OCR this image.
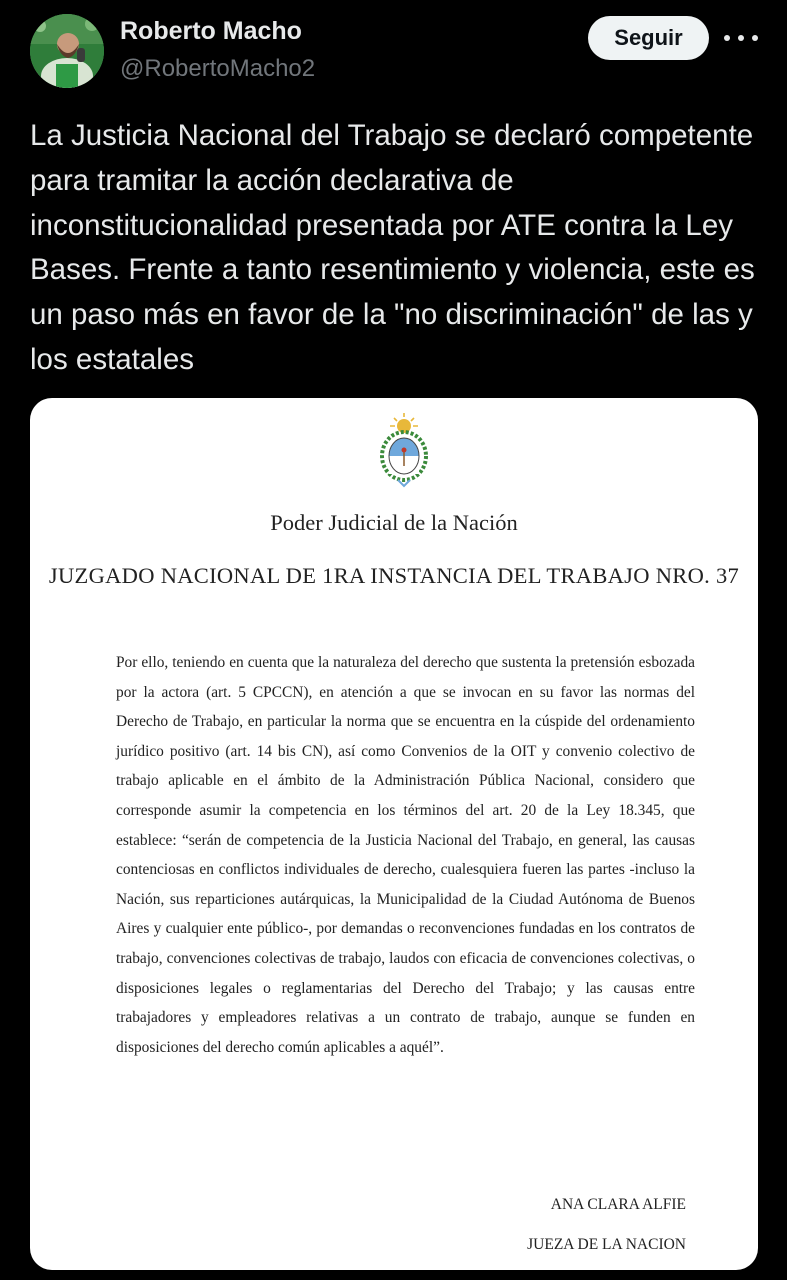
Roberto Macho
@RobertoMacho2
Seguir
La Justicia Nacional del Trabajo se declaró competente para tramitar la acción declarativa de inconstitucionalidad presentada por ATE contra la Ley Bases. Frente a tanto resentimiento y violencia, este es un paso más en favor de la "no discriminación" de las y los estatales
Poder Judicial de la Nación
JUZGADO NACIONAL DE 1RA INSTANCIA DEL TRABAJO NRO. 37
Por ello, teniendo en cuenta que la naturaleza del derecho que sustenta la pretensión esbozada por la actora (art. 5 CPCCN), en atención a que se invocan en su favor las normas del Derecho de Trabajo, en particular la norma que se encuentra en la cúspide del ordenamiento jurídico positivo (art. 14 bis CN), así como Convenios de la OIT y convenio colectivo de trabajo aplicable en el ámbito de la Administración Pública Nacional, considero que corresponde asumir la competencia en los términos del art. 20 de la Ley 18.345, que establece: “serán de competencia de la Justicia Nacional del Trabajo, en general, las causas contenciosas en conflictos individuales de derecho, cualesquiera fueren las partes -incluso la Nación, sus reparticiones autárquicas, la Municipalidad de la Ciudad Autónoma de Buenos Aires y cualquier ente público-, por demandas o reconvenciones fundadas en los contratos de trabajo, convenciones colectivas de trabajo, laudos con eficacia de convenciones colectivas, o disposiciones legales o reglamentarias del Derecho del Trabajo; y las causas entre trabajadores y empleadores relativas a un contrato de trabajo, aunque se funden en disposiciones del derecho común aplicables a aquél”.
ANA CLARA ALFIE
JUEZA DE LA NACION
